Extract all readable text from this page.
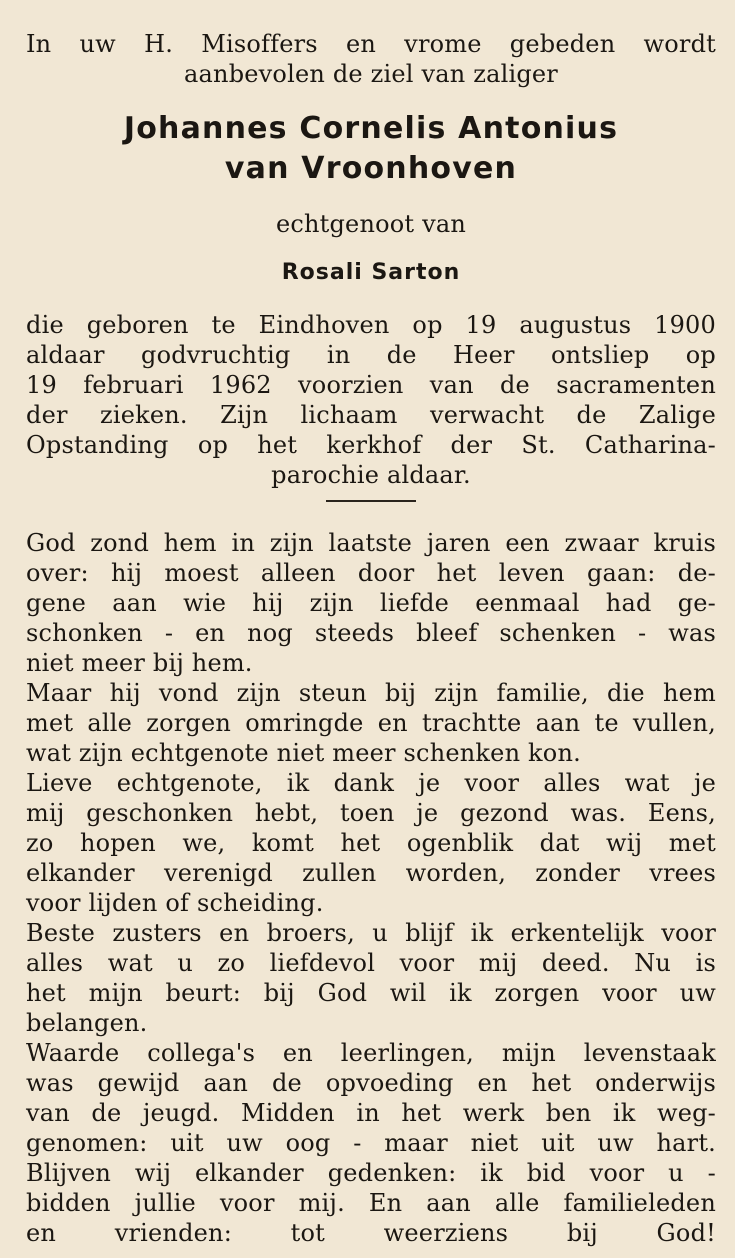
In uw H. Misoffers en vrome gebeden wordt
aanbevolen de ziel van zaliger
Johannes Cornelis Antonius
van Vroonhoven
echtgenoot van
Rosali Sarton
die geboren te Eindhoven op 19 augustus 1900
aldaar godvruchtig in de Heer ontsliep op
19 februari 1962 voorzien van de sacramenten
der zieken. Zijn lichaam verwacht de Zalige
Opstanding op het kerkhof der St. Catharina-
parochie aldaar.
God zond hem in zijn laatste jaren een zwaar kruis
over: hij moest alleen door het leven gaan: de-
gene aan wie hij zijn liefde eenmaal had ge-
schonken - en nog steeds bleef schenken - was
niet meer bij hem.
Maar hij vond zijn steun bij zijn familie, die hem
met alle zorgen omringde en trachtte aan te vullen,
wat zijn echtgenote niet meer schenken kon.
Lieve echtgenote, ik dank je voor alles wat je
mij geschonken hebt, toen je gezond was. Eens,
zo hopen we, komt het ogenblik dat wij met
elkander verenigd zullen worden, zonder vrees
voor lijden of scheiding.
Beste zusters en broers, u blijf ik erkentelijk voor
alles wat u zo liefdevol voor mij deed. Nu is
het mijn beurt: bij God wil ik zorgen voor uw
belangen.
Waarde collega's en leerlingen, mijn levenstaak
was gewijd aan de opvoeding en het onderwijs
van de jeugd. Midden in het werk ben ik weg-
genomen: uit uw oog - maar niet uit uw hart.
Blijven wij elkander gedenken: ik bid voor u -
bidden jullie voor mij. En aan alle familieleden
en vrienden: tot weerziens bij God!
